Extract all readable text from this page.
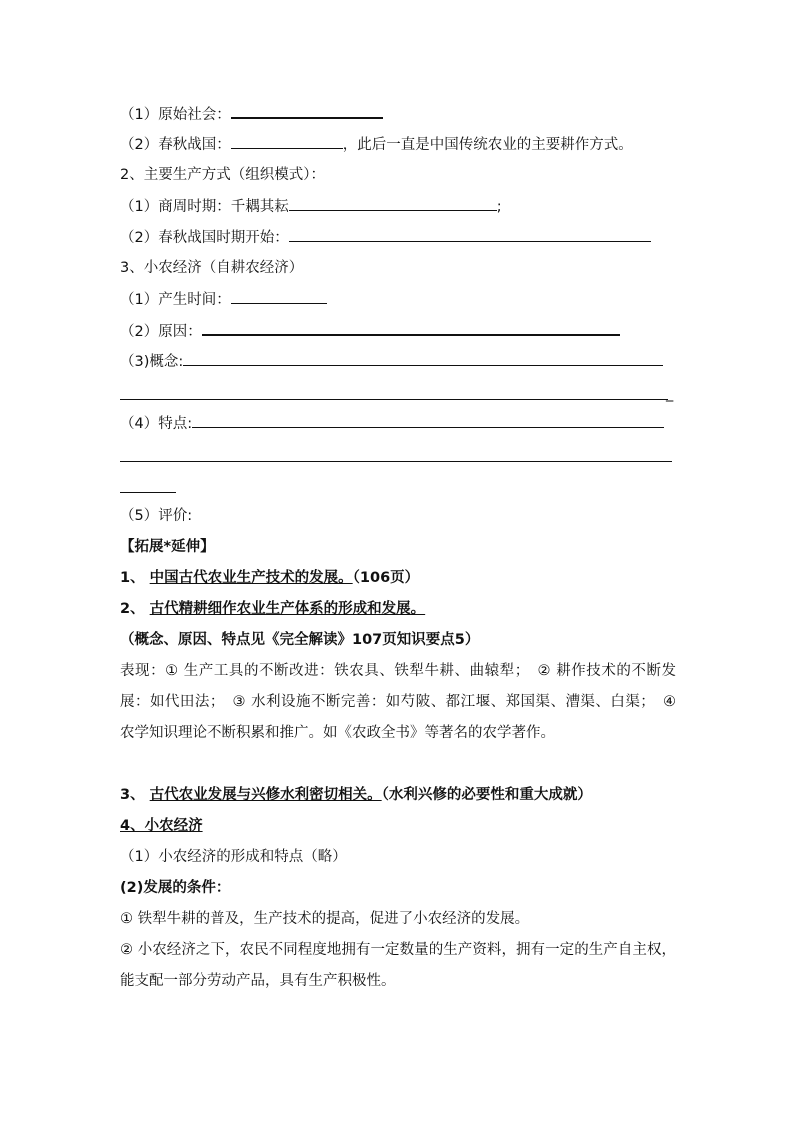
（1）原始社会：
（2）春秋战国：	，此后一直是中国传统农业的主要耕作方式。
2、主要生产方式（组织模式）：
（1）商周时期：千耦其耘	;
（2）春秋战国时期开始：
3、小农经济（自耕农经济）
（1）产生时间：
（2）原因：
（3)概念:
_
（4）特点:
（5）评价:
【拓展*延伸】
1、 中国古代农业生产技术的发展。（106页）
2、 古代精耕细作农业生产体系的形成和发展。
（概念、原因、特点见《完全解读》107页知识要点5）
表现：① 生产工具的不断改进：铁农具、铁犁牛耕、曲辕犁；　② 耕作技术的不断发展：如代田法；　③ 水利设施不断完善：如芍陂、都江堰、郑国渠、漕渠、白渠；　④ 农学知识理论不断积累和推广。如《农政全书》等著名的农学著作。
3、 古代农业发展与兴修水利密切相关。（水利兴修的必要性和重大成就）
4、小农经济
（1）小农经济的形成和特点（略）
(2)发展的条件：
① 铁犁牛耕的普及，生产技术的提高，促进了小农经济的发展。
② 小农经济之下，农民不同程度地拥有一定数量的生产资料，拥有一定的生产自主权，能支配一部分劳动产品，具有生产积极性。
